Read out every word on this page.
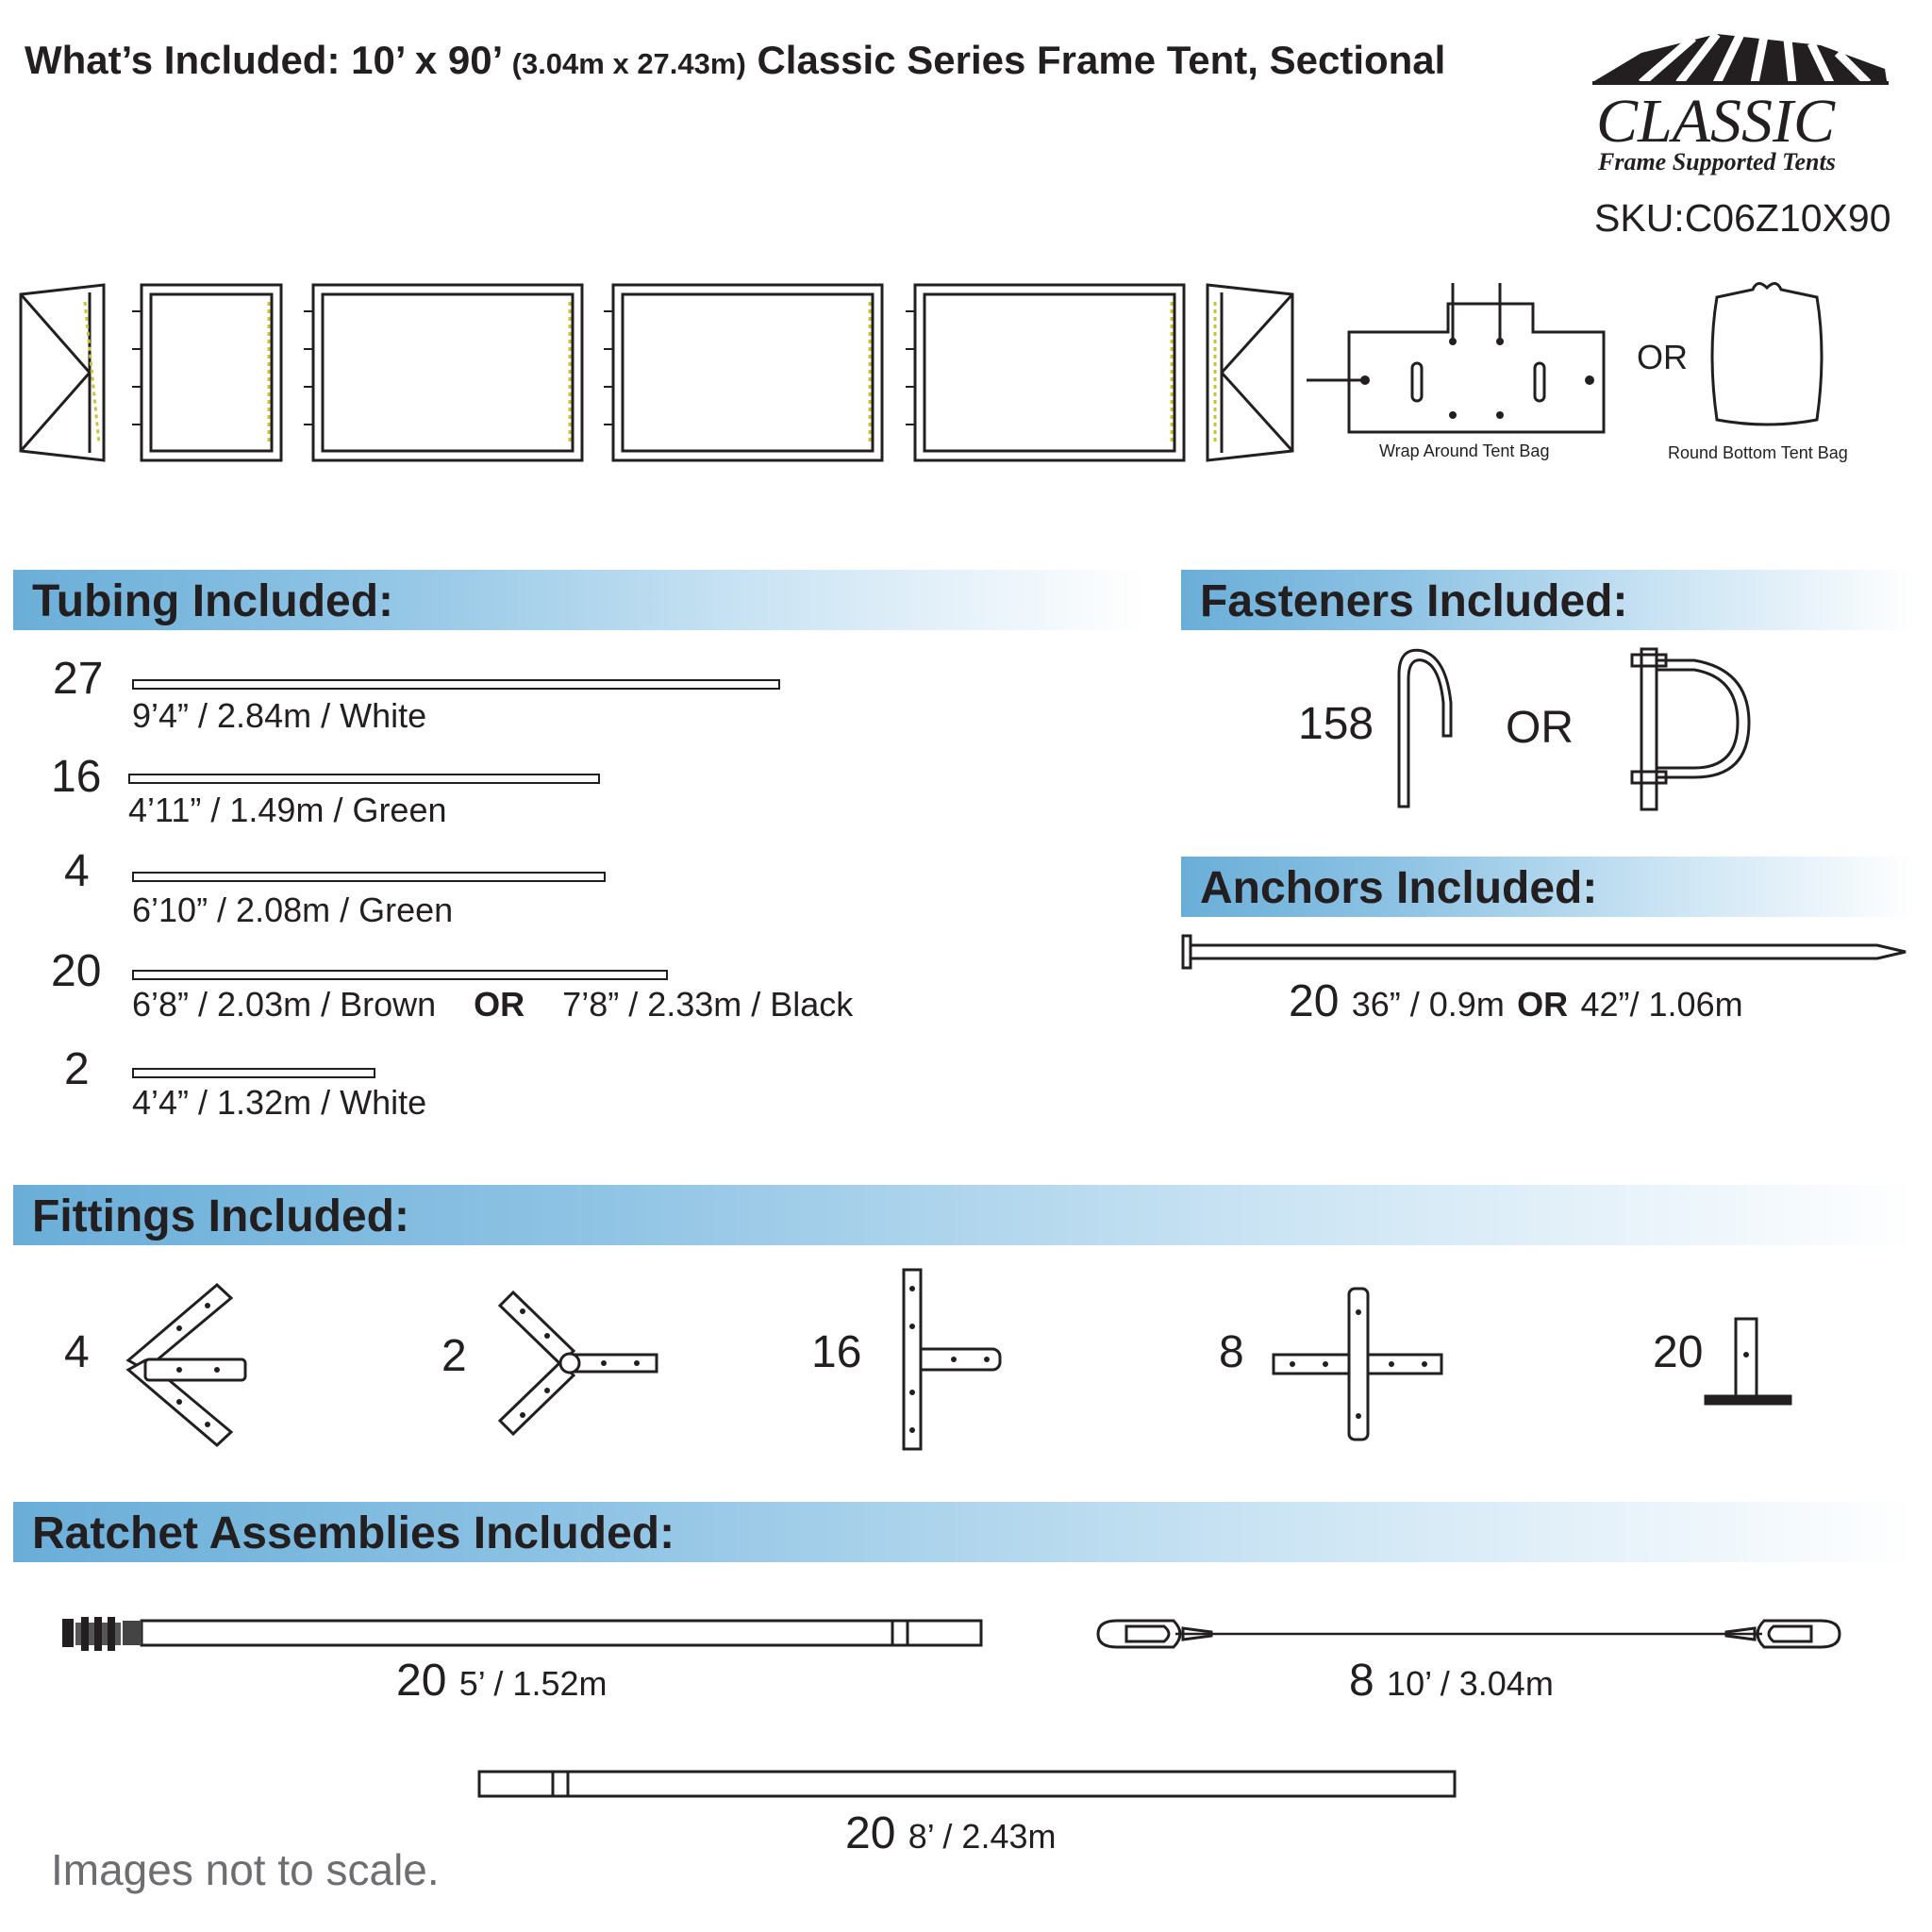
What’s Included: 10’ x 90’ (3.04m x 27.43m) Classic Series Frame Tent, Sectional
CLASSIC
Frame Supported Tents
SKU:C06Z10X90
Wrap Around Tent Bag
OR
Round Bottom Tent Bag
Tubing Included:
27
9’4” / 2.84m / White
16
4’11” / 1.49m / Green
4
6’10” / 2.08m / Green
20
6’8” / 2.03m / Brown OR 7’8” / 2.33m / Black
2
4’4” / 1.32m / White
Fasteners Included:
158	OR
Anchors Included:
20 36” / 0.9m OR 42”/ 1.06m
Fittings Included:
4	2	16	8	20
Ratchet Assemblies Included:
20 5’ / 1.52m	8 10’ / 3.04m
20 8’ / 2.43m
Images not to scale.
